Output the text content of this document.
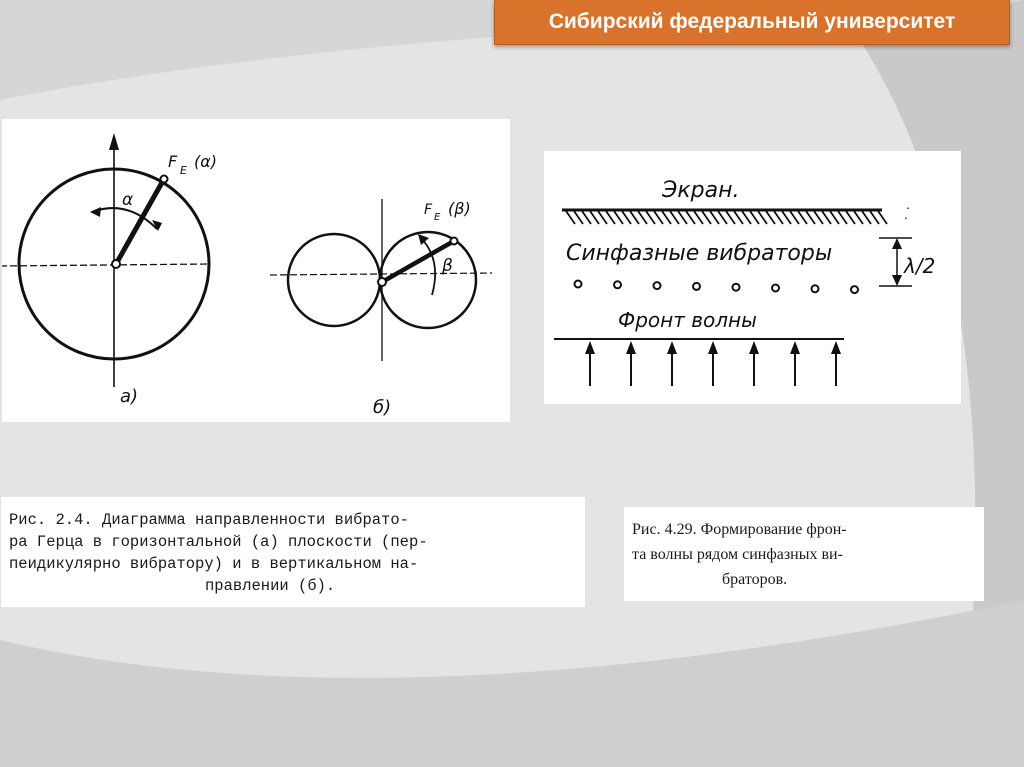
Сибирский федеральный университет
F E (α)
α
а)
F E (β)
β
б)
Экран.
.
.
Синфазные вибраторы	λ/2
Фронт волны
Рис. 2.4. Диаграмма направленности вибрато-
ра Герца в горизонтальной (а) плоскости (пер-
пеидикулярно вибратору) и в вертикальном на-
правлении (б).
Рис. 4.29. Формирование фрон-
та волны рядом синфазных ви-
браторов.
